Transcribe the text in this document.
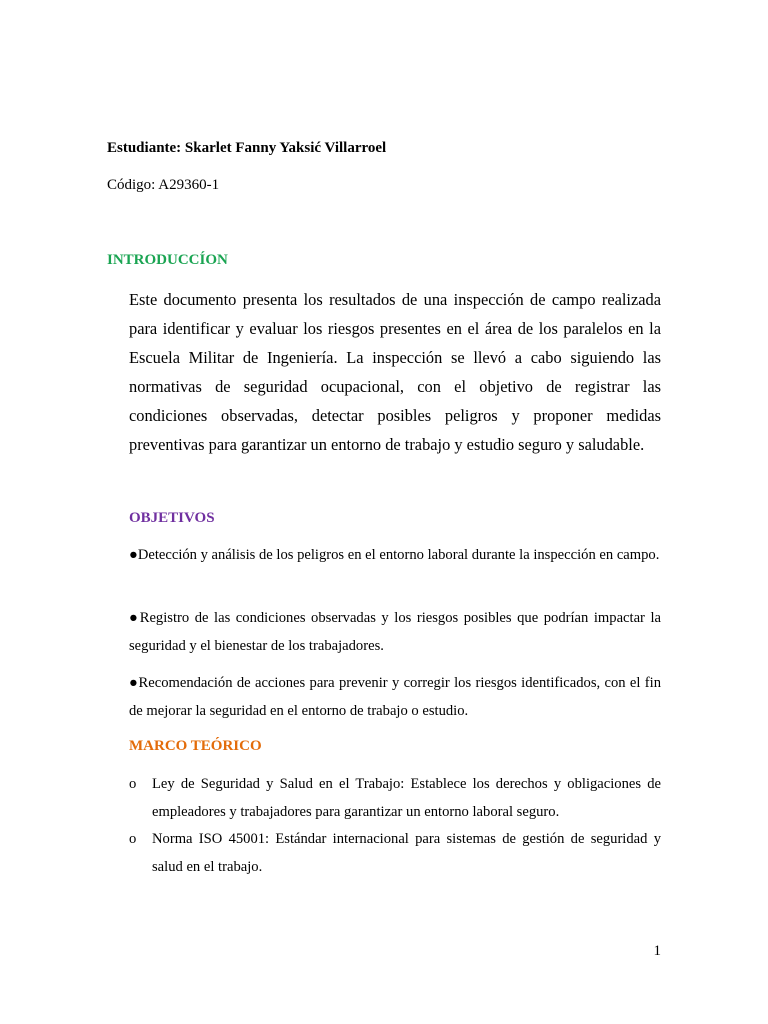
Estudiante: Skarlet Fanny Yaksić Villarroel

Código: A29360-1

INTRODUCCÍON

Este documento presenta los resultados de una inspección de campo realizada para identificar y evaluar los riesgos presentes en el área de los paralelos en la Escuela Militar de Ingeniería. La inspección se llevó a cabo siguiendo las normativas de seguridad ocupacional, con el objetivo de registrar las condiciones observadas, detectar posibles peligros y proponer medidas preventivas para garantizar un entorno de trabajo y estudio seguro y saludable.

OBJETIVOS

●Detección y análisis de los peligros en el entorno laboral durante la inspección en campo.

●Registro de las condiciones observadas y los riesgos posibles que podrían impactar la seguridad y el bienestar de los trabajadores.

●Recomendación de acciones para prevenir y corregir los riesgos identificados, con el fin de mejorar la seguridad en el entorno de trabajo o estudio.

MARCO TEÓRICO

o Ley de Seguridad y Salud en el Trabajo: Establece los derechos y obligaciones de empleadores y trabajadores para garantizar un entorno laboral seguro.
o Norma ISO 45001: Estándar internacional para sistemas de gestión de seguridad y salud en el trabajo.

1
